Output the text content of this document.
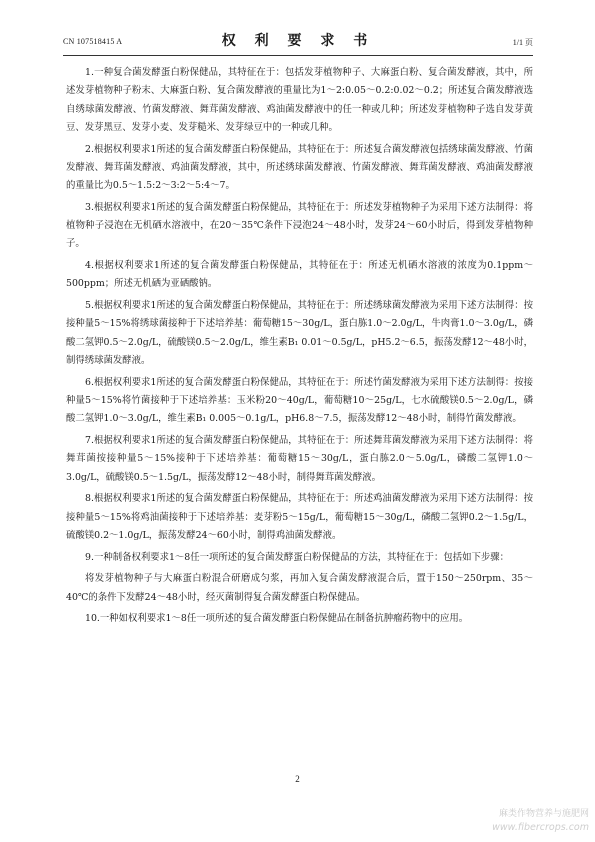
CN 107518415 A	权 利 要 求 书	1/1 页

1.一种复合菌发酵蛋白粉保健品，其特征在于：包括发芽植物种子、大麻蛋白粉、复合菌发酵液，其中，所述发芽植物种子粉末、大麻蛋白粉、复合菌发酵液的重量比为1～2:0.05～0.2:0.02～0.2；所述复合菌发酵液选自绣球菌发酵液、竹菌发酵液、舞茸菌发酵液、鸡油菌发酵液中的任一种或几种；所述发芽植物种子选自发芽黄豆、发芽黑豆、发芽小麦、发芽糙米、发芽绿豆中的一种或几种。

2.根据权利要求1所述的复合菌发酵蛋白粉保健品，其特征在于：所述复合菌发酵液包括绣球菌发酵液、竹菌发酵液、舞茸菌发酵液、鸡油菌发酵液，其中，所述绣球菌发酵液、竹菌发酵液、舞茸菌发酵液、鸡油菌发酵液的重量比为0.5～1.5:2～3:2～5:4～7。

3.根据权利要求1所述的复合菌发酵蛋白粉保健品，其特征在于：所述发芽植物种子为采用下述方法制得：将植物种子浸泡在无机硒水溶液中，在20～35℃条件下浸泡24～48小时，发芽24～60小时后，得到发芽植物种子。

4.根据权利要求1所述的复合菌发酵蛋白粉保健品，其特征在于：所述无机硒水溶液的浓度为0.1ppm～500ppm；所述无机硒为亚硒酸钠。

5.根据权利要求1所述的复合菌发酵蛋白粉保健品，其特征在于：所述绣球菌发酵液为采用下述方法制得：按接种量5～15%将绣球菌接种于下述培养基：葡萄糖15～30g/L，蛋白胨1.0～2.0g/L，牛肉膏1.0～3.0g/L，磷酸二氢钾0.5～2.0g/L，硫酸镁0.5～2.0g/L，维生素B₁ 0.01～0.5g/L，pH5.2～6.5，振荡发酵12～48小时，制得绣球菌发酵液。

6.根据权利要求1所述的复合菌发酵蛋白粉保健品，其特征在于：所述竹菌发酵液为采用下述方法制得：按接种量5～15%将竹菌接种于下述培养基：玉米粉20～40g/L，葡萄糖10～25g/L，七水硫酸镁0.5～2.0g/L，磷酸二氢钾1.0～3.0g/L，维生素B₁ 0.005～0.1g/L，pH6.8～7.5，振荡发酵12～48小时，制得竹菌发酵液。

7.根据权利要求1所述的复合菌发酵蛋白粉保健品，其特征在于：所述舞茸菌发酵液为采用下述方法制得：将舞茸菌按接种量5～15%接种于下述培养基：葡萄糖15～30g/L，蛋白胨2.0～5.0g/L，磷酸二氢钾1.0～3.0g/L，硫酸镁0.5～1.5g/L，振荡发酵12～48小时，制得舞茸菌发酵液。

8.根据权利要求1所述的复合菌发酵蛋白粉保健品，其特征在于：所述鸡油菌发酵液为采用下述方法制得：按接种量5～15%将鸡油菌接种于下述培养基：麦芽粉5～15g/L，葡萄糖15～30g/L，磷酸二氢钾0.2～1.5g/L，硫酸镁0.2～1.0g/L，振荡发酵24～60小时，制得鸡油菌发酵液。

9.一种制备权利要求1～8任一项所述的复合菌发酵蛋白粉保健品的方法，其特征在于：包括如下步骤：

将发芽植物种子与大麻蛋白粉混合研磨成匀浆，再加入复合菌发酵液混合后，置于150～250rpm、35～40℃的条件下发酵24～48小时，经灭菌制得复合菌发酵蛋白粉保健品。

10.一种如权利要求1～8任一项所述的复合菌发酵蛋白粉保健品在制备抗肿瘤药物中的应用。

2
麻类作物营养与施肥网
www.fibercrops.com
